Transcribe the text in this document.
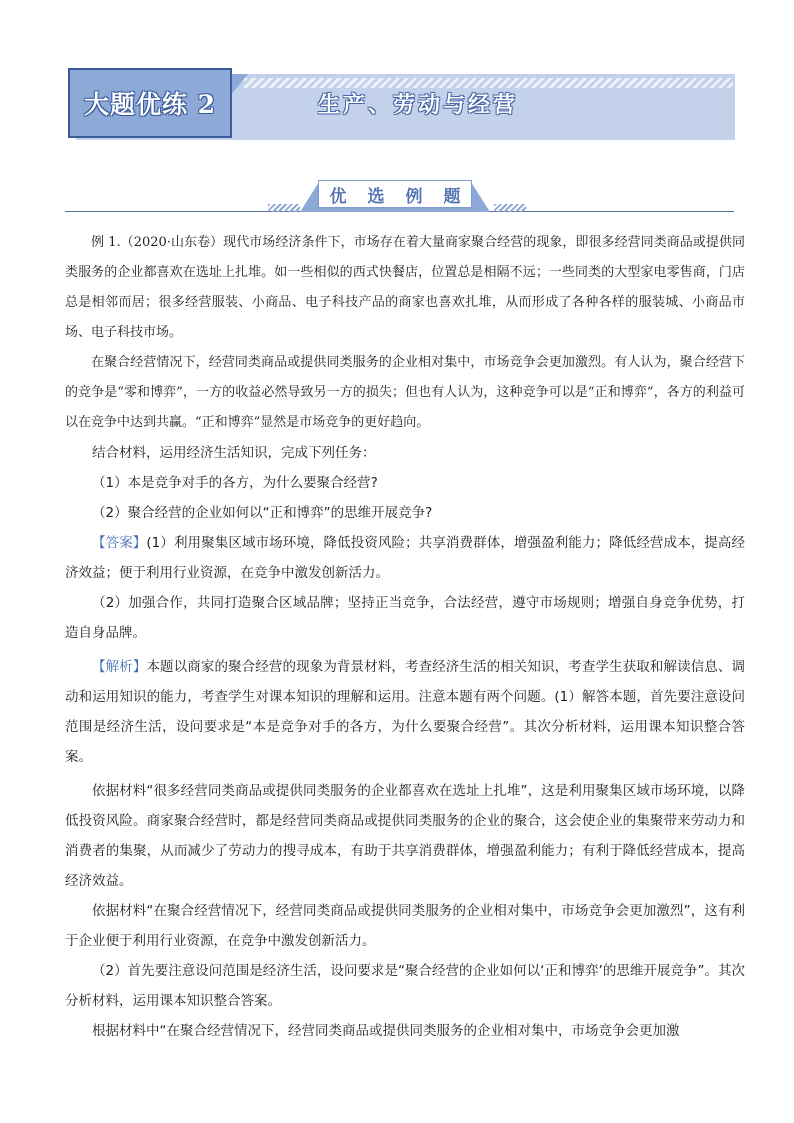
大题优练 2	生产、劳动与经营
优 选 例 题

例 1.（2020·山东卷）现代市场经济条件下，市场存在着大量商家聚合经营的现象，即很多经营同类商品或提供同类服务的企业都喜欢在选址上扎堆。如一些相似的西式快餐店，位置总是相隔不远；一些同类的大型家电零售商，门店总是相邻而居；很多经营服装、小商品、电子科技产品的商家也喜欢扎堆，从而形成了各种各样的服装城、小商品市场、电子科技市场。

在聚合经营情况下，经营同类商品或提供同类服务的企业相对集中，市场竞争会更加激烈。有人认为，聚合经营下的竞争是“零和博弈”，一方的收益必然导致另一方的损失；但也有人认为，这种竞争可以是“正和博弈”，各方的利益可以在竞争中达到共赢。“正和博弈”显然是市场竞争的更好趋向。

结合材料，运用经济生活知识，完成下列任务：

（1）本是竞争对手的各方，为什么要聚合经营?

（2）聚合经营的企业如何以“正和博弈”的思维开展竞争?

【答案】(1）利用聚集区域市场环境，降低投资风险；共享消费群体，增强盈利能力；降低经营成本，提高经济效益；便于利用行业资源，在竞争中激发创新活力。

（2）加强合作，共同打造聚合区域品牌；坚持正当竞争，合法经营，遵守市场规则；增强自身竞争优势，打造自身品牌。

【解析】本题以商家的聚合经营的现象为背景材料，考查经济生活的相关知识，考查学生获取和解读信息、调动和运用知识的能力，考查学生对课本知识的理解和运用。注意本题有两个问题。(1）解答本题，首先要注意设问范围是经济生活，设问要求是“本是竞争对手的各方，为什么要聚合经营”。其次分析材料，运用课本知识整合答案。

依据材料“很多经营同类商品或提供同类服务的企业都喜欢在选址上扎堆”，这是利用聚集区域市场环境，以降低投资风险。商家聚合经营时，都是经营同类商品或提供同类服务的企业的聚合，这会使企业的集聚带来劳动力和消费者的集聚，从而减少了劳动力的搜寻成本，有助于共享消费群体，增强盈利能力；有利于降低经营成本，提高经济效益。

依据材料“在聚合经营情况下，经营同类商品或提供同类服务的企业相对集中，市场竞争会更加激烈”，这有利于企业便于利用行业资源，在竞争中激发创新活力。

（2）首先要注意设问范围是经济生活，设问要求是“聚合经营的企业如何以‘正和博弈’的思维开展竞争”。其次分析材料，运用课本知识整合答案。

根据材料中“在聚合经营情况下，经营同类商品或提供同类服务的企业相对集中，市场竞争会更加激
